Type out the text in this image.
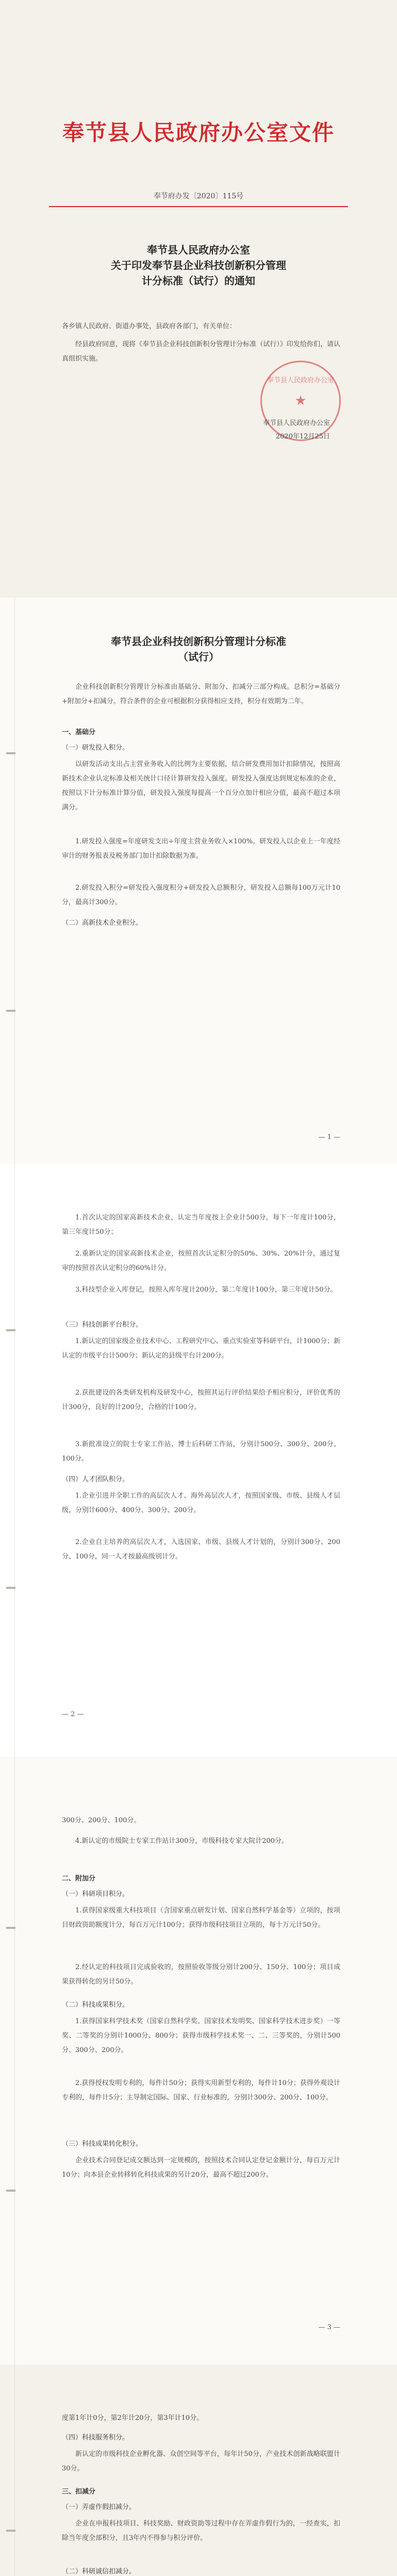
奉节县人民政府办公室文件
奉节府办发〔2020〕115号
奉节县人民政府办公室
关于印发奉节县企业科技创新积分管理
计分标准（试行）的通知
各乡镇人民政府、街道办事处，县政府各部门，有关单位：
经县政府同意，现将《奉节县企业科技创新积分管理计分标准（试行）》印发给你们，请认真组织实施。
奉节县人民政府办公室
★
奉节县人民政府办公室
2020年12月25日
奉节县企业科技创新积分管理计分标准
（试行）
企业科技创新积分管理计分标准由基础分、附加分、扣减分三部分构成。总积分=基础分+附加分+扣减分。符合条件的企业可根据积分获得相应支持，积分有效期为二年。
一、基础分
（一）研发投入积分。
以研发活动支出占主营业务收入的比例为主要依据，结合研发费用加计扣除情况，按照高新技术企业认定标准及相关统计口径计算研发投入强度。研发投入强度达到规定标准的企业，按照以下计分标准计算分值，研发投入强度每提高一个百分点加计相应分值，最高不超过本项满分。
1.研发投入强度=年度研发支出÷年度主营业务收入×100%。研发投入以企业上一年度经审计的财务报表及税务部门加计扣除数据为准。
2.研发投入积分=研发投入强度积分+研发投入总额积分，研发投入总额每100万元计10分，最高计300分。
（二）高新技术企业积分。
— 1 —
1.首次认定的国家高新技术企业，认定当年度按上企业计500分，每下一年度计100分，第三年度计50分；
2.重新认定的国家高新技术企业，按照首次认定积分的50%、30%、20%计分，通过复审的按照首次认定积分的60%计分。
3.科技型企业入库登记，按照入库年度计200分，第二年度计100分，第三年度计50分。
（三）科技创新平台积分。
1.新认定的国家级企业技术中心、工程研究中心、重点实验室等科研平台，计1000分；新认定的市级平台计500分；新认定的县级平台计200分。
2.获批建设的各类研发机构及研发中心，按照其运行评价结果给予相应积分，评价优秀的计300分，良好的计200分，合格的计100分。
3.新批准设立的院士专家工作站、博士后科研工作站，分别计500分、300分、200分、100分。
（四）人才团队积分。
1.企业引进并全职工作的高层次人才、海外高层次人才，按照国家级、市级、县级人才层级，分别计600分、400分、300分、200分。
2.企业自主培养的高层次人才，入选国家、市级、县级人才计划的，分别计300分、200分、100分，同一人才按最高级别计分。
— 2 —
300分、200分、100分。
4.新认定的市级院士专家工作站计300分，市级科技专家大院计200分。
二、附加分
（一）科研项目积分。
1.获得国家级重大科技项目（含国家重点研发计划、国家自然科学基金等）立项的，按项目财政资助额度计分，每百万元计100分；获得市级科技项目立项的，每十万元计50分。
2.经认定的科技项目完成验收的，按照验收等级分别计200分、150分、100分；项目成果获得转化的另计50分。
（二）科技成果积分。
1.获得国家科学技术奖（国家自然科学奖、国家技术发明奖、国家科学技术进步奖）一等奖、二等奖的分别计1000分、800分；获得市级科学技术奖一、二、三等奖的，分别计500分、300分、200分。
2.获得授权发明专利的，每件计50分；获得实用新型专利的，每件计10分；获得外观设计专利的，每件计5分；主导制定国际、国家、行业标准的，分别计300分、200分、100分。
（三）科技成果转化积分。
企业技术合同登记成交额达到一定规模的，按照技术合同认定登记金额计分，每百万元计10分；向本县企业转移转化科技成果的另计20分，最高不超过200分。
— 3 —
度第1年计0分，第2年计20分，第3年计10分。
（四）科技服务积分。
新认定的市级科技企业孵化器、众创空间等平台，每年计50分，产业技术创新战略联盟计30分。
三、扣减分
（一）弄虚作假扣减分。
企业在申报科技项目、科技奖励、财政资助等过程中存在弄虚作假行为的，一经查实，扣除当年度全部积分，且3年内不得参与积分评价。
（二）科研诚信扣减分。
